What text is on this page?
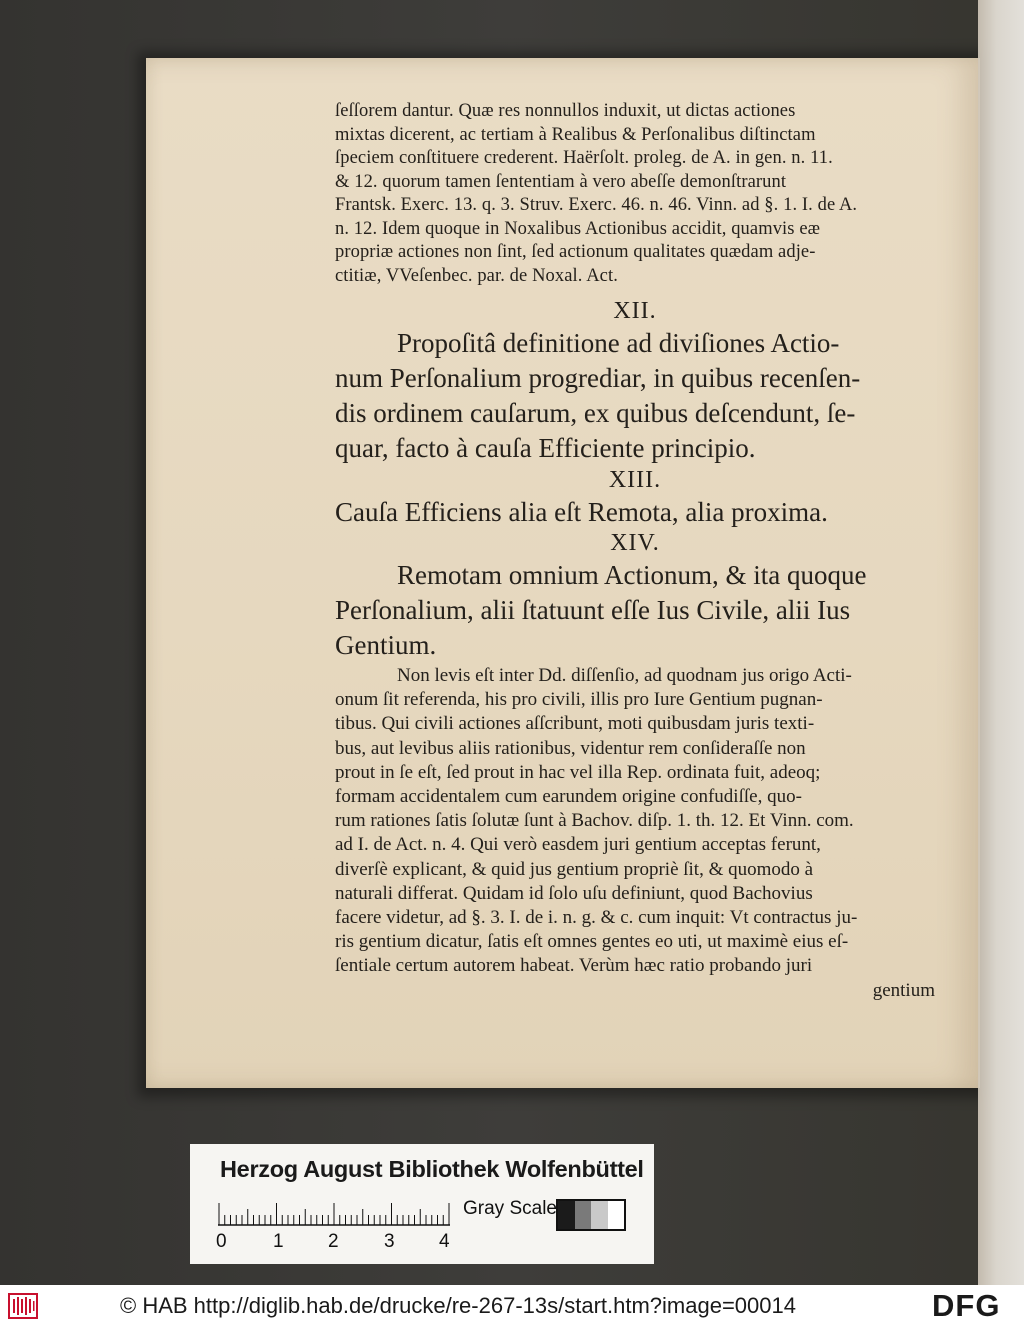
ſeſſorem dantur. Quæ res nonnullos induxit, ut dictas actiones
mixtas dicerent, ac tertiam à Realibus & Perſonalibus diſtinctam
ſpeciem conſtituere crederent. Haërſolt. proleg. de A. in gen. n. 11.
& 12. quorum tamen ſententiam à vero abeſſe demonſtrarunt
Frantsk. Exerc. 13. q. 3. Struv. Exerc. 46. n. 46. Vinn. ad §. 1. I. de A.
n. 12. Idem quoque in Noxalibus Actionibus accidit, quamvis eæ
propriæ actiones non ſint, ſed actionum qualitates quædam adje-
ctitiæ, VVeſenbec. par. de Noxal. Act.
XII.
Propoſitâ definitione ad diviſiones Actio-
num Perſonalium progrediar, in quibus recenſen-
dis ordinem cauſarum, ex quibus deſcendunt, ſe-
quar, facto à cauſa Efficiente principio.
XIII.
Cauſa Efficiens alia eſt Remota, alia proxima.
XIV.
Remotam omnium Actionum, & ita quoque
Perſonalium, alii ſtatuunt eſſe Ius Civile, alii Ius
Gentium.
Non levis eſt inter Dd. diſſenſio, ad quodnam jus origo Acti-
onum ſit referenda, his pro civili, illis pro Iure Gentium pugnan-
tibus. Qui civili actiones aſſcribunt, moti quibusdam juris texti-
bus, aut levibus aliis rationibus, videntur rem conſideraſſe non
prout in ſe eſt, ſed prout in hac vel illa Rep. ordinata fuit, adeoq;
formam accidentalem cum earundem origine confudiſſe, quo-
rum rationes ſatis ſolutæ ſunt à Bachov. diſp. 1. th. 12. Et Vinn. com.
ad I. de Act. n. 4. Qui verò easdem juri gentium acceptas ferunt,
diverſè explicant, & quid jus gentium propriè ſit, & quomodo à
naturali differat. Quidam id ſolo uſu definiunt, quod Bachovius
facere videtur, ad §. 3. I. de i. n. g. & c. cum inquit: Vt contractus ju-
ris gentium dicatur, ſatis eſt omnes gentes eo uti, ut maximè eius eſ-
ſentiale certum autorem habeat. Verùm hæc ratio probando juri
gentium
Herzog August Bibliothek Wolfenbüttel
Gray Scale
0 1 2 3 4
© HAB http://diglib.hab.de/drucke/re-267-13s/start.htm?image=00014	DFG
